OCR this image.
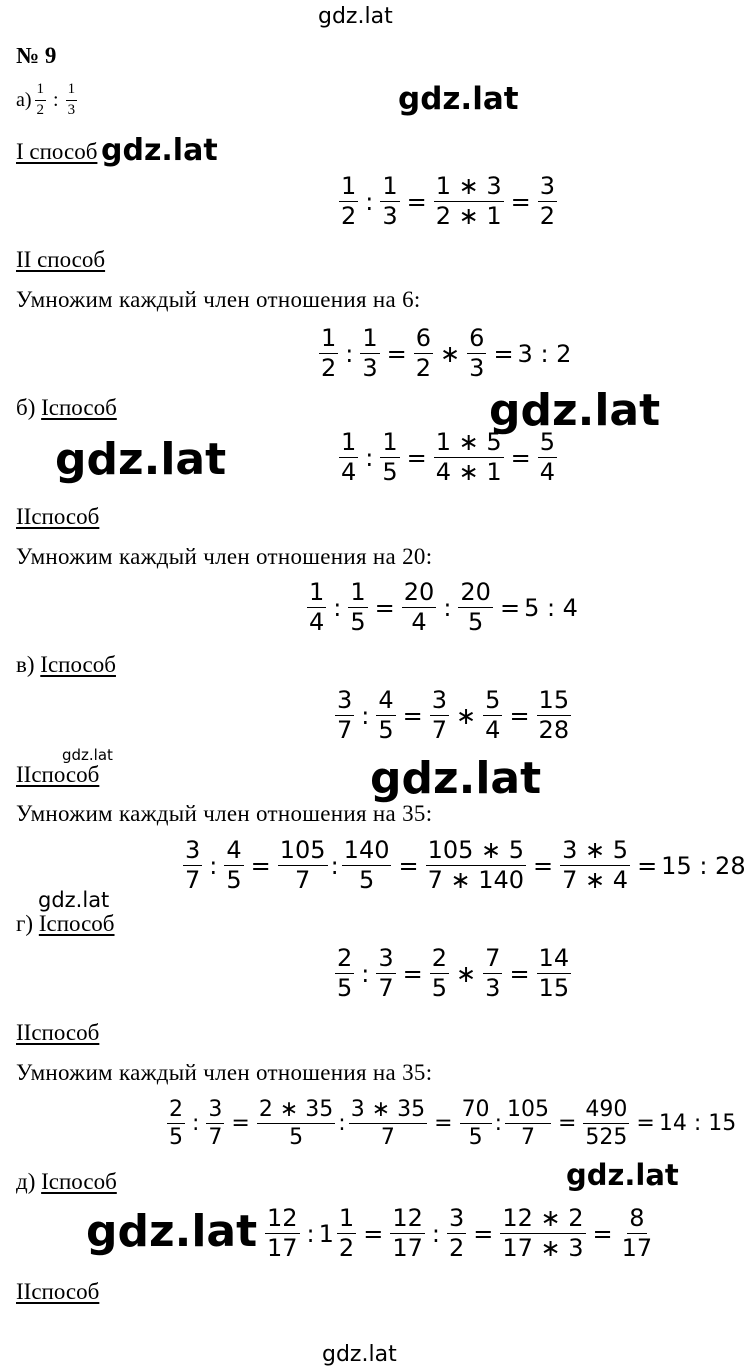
gdz.lat
gdz.lat
gdz.lat
gdz.lat
gdz.lat
gdz.lat	gdz.lat
gdz.lat
gdz.lat
gdz.lat
gdz.lat
№ 9
а) 1
2 : 1
3
I способ
1
2
: $\frac{1}{3} = \frac{1 ∗ 3}{2 ∗ 1} = \frac{3}{2}$
II способ
Умножим каждый член отношения на 6:
1
2
: $\frac{1}{3} = \frac{6}{2}$ ∗ $\frac{6}{3} = 3$ : 2
б) Iспособ
1
4
: $\frac{1}{5} = \frac{1 ∗ 5}{4 ∗ 1} = \frac{5}{4}$
IIспособ
Умножим каждый член отношения на 20:
1
4
: $\frac{1}{5} = \frac{20}{4}$ : $\frac{20}{5} = 5$ : 4
в) Iспособ
3
7
: $\frac{4}{5} = \frac{3}{7}$ ∗ $\frac{5}{4} = \frac{15}{28}$
IIспособ
Умножим каждый член отношения на 35:
3
7
: $\frac{4}{5} = \frac{105}{7}$ : $\frac{140}{5} = \frac{105 ∗ 5}{7 ∗ 140} = \frac{3 ∗ 5}{7 ∗ 4} = 15$ : 28
г) Iспособ
2
5
: $\frac{3}{7} = \frac{2}{5}$ ∗ $\frac{7}{3} = \frac{14}{15}$
IIспособ
Умножим каждый член отношения на 35:
2
5
: $\frac{3}{7} = \frac{2 ∗ 35}{5}$ : $\frac{3 ∗ 35}{7} = \frac{70}{5}$ : $\frac{105}{7} = \frac{490}{525} = 14$ : 15
д) Iспособ
12
17
: $1 \frac{1}{2} = \frac{12}{17}$ : $\frac{3}{2} = \frac{12 ∗ 2}{17 ∗ 3} = \frac{8}{17}$
IIспособ
